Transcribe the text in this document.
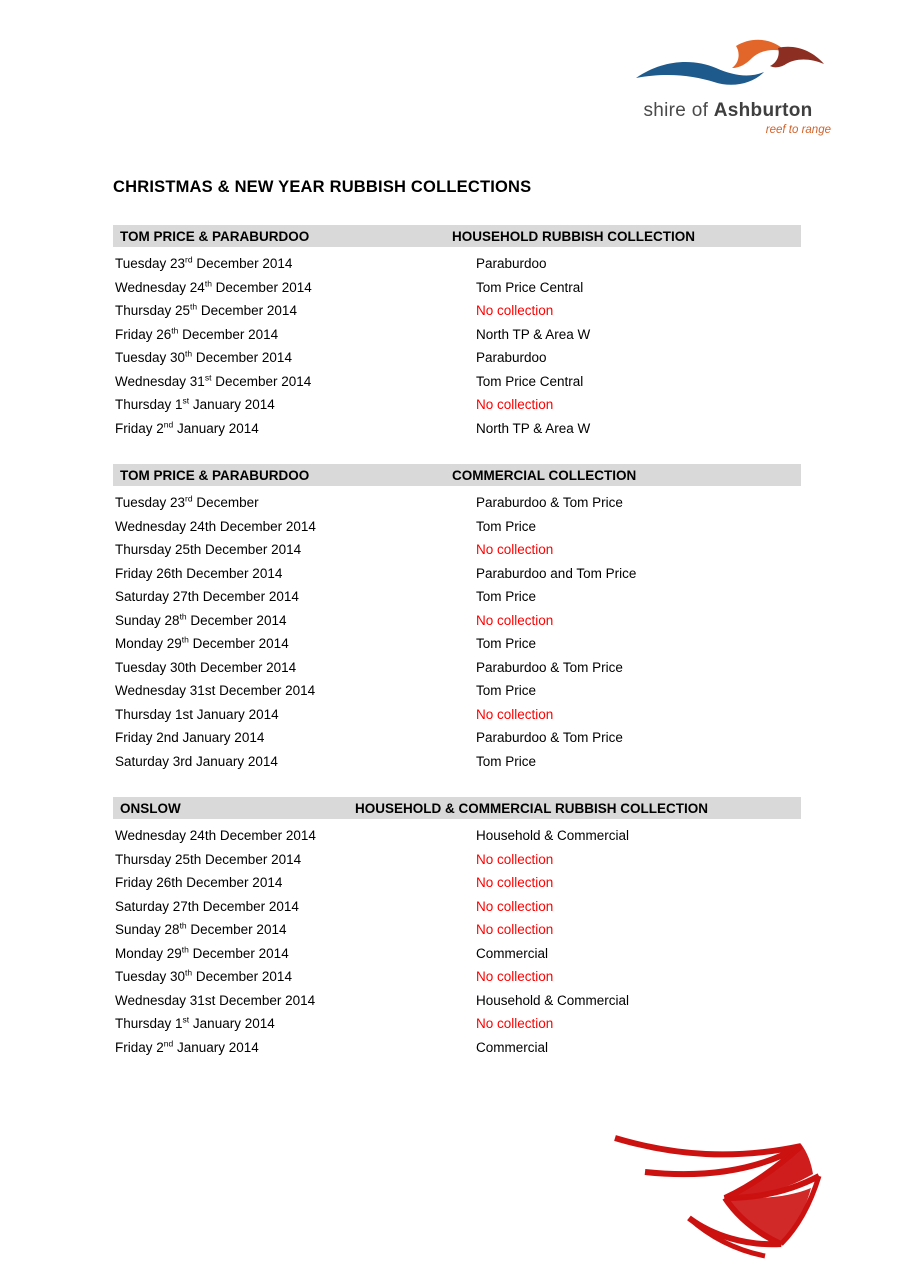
shire of Ashburton
reef to range
CHRISTMAS & NEW YEAR RUBBISH COLLECTIONS
TOM PRICE & PARABURDOO	HOUSEHOLD RUBBISH COLLECTION
Tuesday 23rd December 2014	Paraburdoo
Wednesday 24th December 2014	Tom Price Central
Thursday 25th December 2014	No collection
Friday 26th December 2014	North TP & Area W
Tuesday 30th December 2014	Paraburdoo
Wednesday 31st December 2014	Tom Price Central
Thursday 1st January 2014	No collection
Friday 2nd January 2014	North TP & Area W
TOM PRICE & PARABURDOO	COMMERCIAL COLLECTION
Tuesday 23rd December	Paraburdoo & Tom Price
Wednesday 24th December 2014	Tom Price
Thursday 25th December 2014	No collection
Friday 26th December 2014	Paraburdoo and Tom Price
Saturday 27th December 2014	Tom Price
Sunday 28th December 2014	No collection
Monday 29th December 2014	Tom Price
Tuesday 30th December 2014	Paraburdoo & Tom Price
Wednesday 31st December 2014	Tom Price
Thursday 1st January 2014	No collection
Friday 2nd January 2014	Paraburdoo & Tom Price
Saturday 3rd January 2014	Tom Price
ONSLOW	HOUSEHOLD & COMMERCIAL RUBBISH COLLECTION
Wednesday 24th December 2014	Household & Commercial
Thursday 25th December 2014	No collection
Friday 26th December 2014	No collection
Saturday 27th December 2014	No collection
Sunday 28th December 2014	No collection
Monday 29th December 2014	Commercial
Tuesday 30th December 2014	No collection
Wednesday 31st December 2014	Household & Commercial
Thursday 1st January 2014	No collection
Friday 2nd January 2014	Commercial
